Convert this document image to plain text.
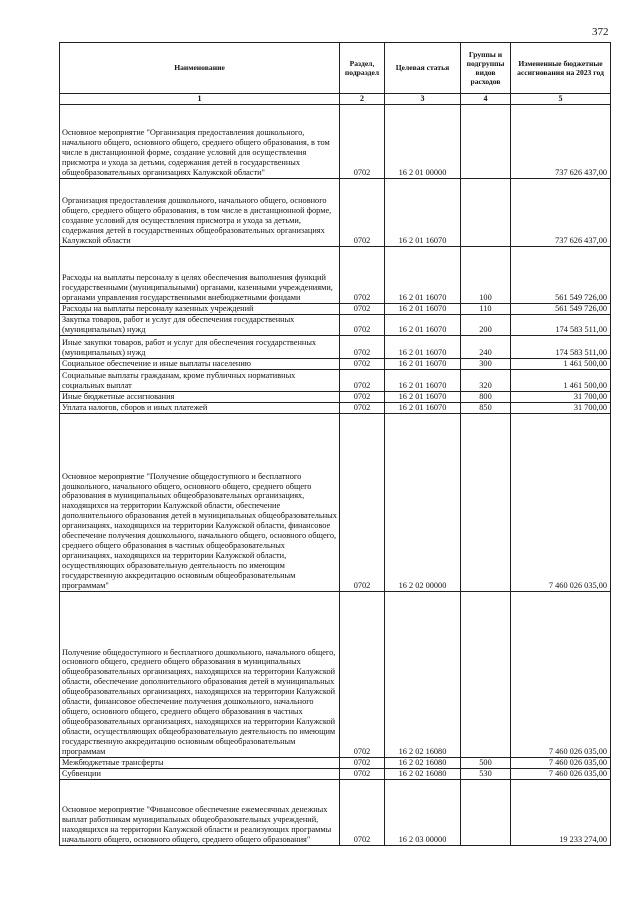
372
Наименование	Раздел, подраздел	Целевая статья	Группы и подгруппы видов расходов	Измененные бюджетные ассигнования на 2023 год
1	2	3	4	5
Основное мероприятие "Организация предоставления дошкольного, начального общего, основного общего, среднего общего образования, в том числе в дистанционной форме, создание условий для осуществления присмотра и ухода за детьми, содержания детей в государственных общеобразовательных организациях Калужской области"	0702	16 2 01 00000		737 626 437,00
Организация предоставления дошкольного, начального общего, основного общего, среднего общего образования, в том числе в дистанционной форме, создание условий для осуществления присмотра и ухода за детьми, содержания детей в государственных общеобразовательных организациях Калужской области	0702	16 2 01 16070		737 626 437,00
Расходы на выплаты персоналу в целях обеспечения выполнения функций государственными (муниципальными) органами, казенными учреждениями, органами управления государственными внебюджетными фондами	0702	16 2 01 16070	100	561 549 726,00
Расходы на выплаты персоналу казенных учреждений	0702	16 2 01 16070	110	561 549 726,00
Закупка товаров, работ и услуг для обеспечения государственных (муниципальных) нужд	0702	16 2 01 16070	200	174 583 511,00
Иные закупки товаров, работ и услуг для обеспечения государственных (муниципальных) нужд	0702	16 2 01 16070	240	174 583 511,00
Социальное обеспечение и иные выплаты населению	0702	16 2 01 16070	300	1 461 500,00
Социальные выплаты гражданам, кроме публичных нормативных социальных выплат	0702	16 2 01 16070	320	1 461 500,00
Иные бюджетные ассигнования	0702	16 2 01 16070	800	31 700,00
Уплата налогов, сборов и иных платежей	0702	16 2 01 16070	850	31 700,00
Основное мероприятие "Получение общедоступного и бесплатного дошкольного, начального общего, основного общего, среднего общего образования в муниципальных общеобразовательных организациях, находящихся на территории Калужской области, обеспечение дополнительного образования детей в муниципальных общеобразовательных организациях, находящихся на территории Калужской области, финансовое обеспечение получения дошкольного, начального общего, основного общего, среднего общего образования в частных общеобразовательных организациях, находящихся на территории Калужской области, осуществляющих образовательную деятельность по имеющим государственную аккредитацию основным общеобразовательным программам"	0702	16 2 02 00000		7 460 026 035,00
Получение общедоступного и бесплатного дошкольного, начального общего, основного общего, среднего общего образования в муниципальных общеобразовательных организациях, находящихся на территории Калужской области, обеспечение дополнительного образования детей в муниципальных общеобразовательных организациях, находящихся на территории Калужской области, финансовое обеспечение получения дошкольного, начального общего, основного общего, среднего общего образования в частных общеобразовательных организациях, находящихся на территории Калужской области, осуществляющих общеобразовательную деятельность по имеющим государственную аккредитацию основным общеобразовательным программам	0702	16 2 02 16080		7 460 026 035,00
Межбюджетные трансферты	0702	16 2 02 16080	500	7 460 026 035,00
Субвенции	0702	16 2 02 16080	530	7 460 026 035,00
Основное мероприятие "Финансовое обеспечение ежемесячных денежных выплат работникам муниципальных общеобразовательных учреждений, находящихся на территории Калужской области и реализующих программы начального общего, основного общего, среднего общего образования"	0702	16 2 03 00000		19 233 274,00
